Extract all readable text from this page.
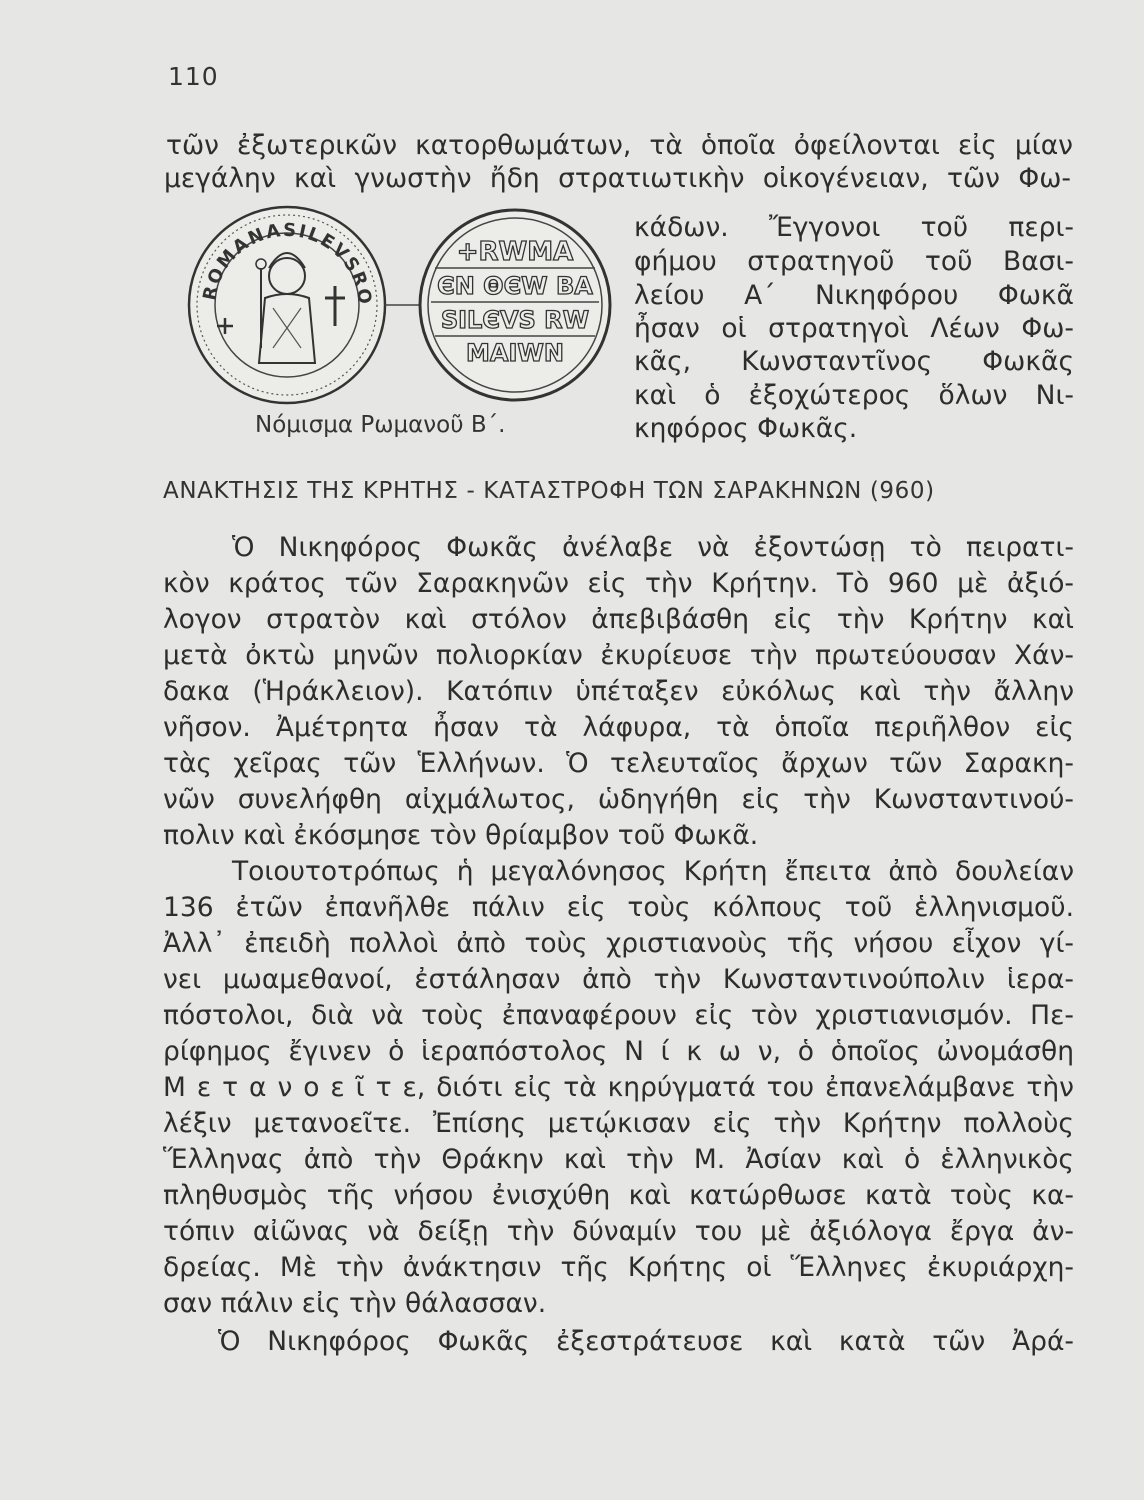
110
τῶν ἐξωτερικῶν κατορθωμάτων, τὰ ὁποῖα ὀφείλονται εἰς μίαν
μεγάλην καὶ γνωστὴν ἤδη στρατιωτικὴν οἰκογένειαν, τῶν Φω-
ROMANASILEVSRO
+RWMA
ЄN ΘЄW BA
SILЄVS RW
MAIWN
Νόμισμα Ρωμανοῦ Β΄.
κάδων. Ἔγγονοι τοῦ περι-
φήμου στρατηγοῦ τοῦ Βασι-
λείου Α΄ Νικηφόρου Φωκᾶ
ἦσαν οἱ στρατηγοὶ Λέων Φω-
κᾶς, Κωνσταντῖνος Φωκᾶς
καὶ ὁ ἐξοχώτερος ὅλων Νι-
κηφόρος Φωκᾶς.
ΑΝΑΚΤΗΣΙΣ ΤΗΣ ΚΡΗΤΗΣ - ΚΑΤΑΣΤΡΟΦΗ ΤΩΝ ΣΑΡΑΚΗΝΩΝ (960)
Ὁ Νικηφόρος Φωκᾶς ἀνέλαβε νὰ ἐξοντώσῃ τὸ πειρατι-
κὸν κράτος τῶν Σαρακηνῶν εἰς τὴν Κρήτην. Τὸ 960 μὲ ἀξιό-
λογον στρατὸν καὶ στόλον ἀπεβιβάσθη εἰς τὴν Κρήτην καὶ
μετὰ ὀκτὼ μηνῶν πολιορκίαν ἐκυρίευσε τὴν πρωτεύουσαν Χάν-
δακα (Ἡράκλειον). Κατόπιν ὑπέταξεν εὐκόλως καὶ τὴν ἄλλην
νῆσον. Ἀμέτρητα ἦσαν τὰ λάφυρα, τὰ ὁποῖα περιῆλθον εἰς
τὰς χεῖρας τῶν Ἑλλήνων. Ὁ τελευταῖος ἄρχων τῶν Σαρακη-
νῶν συνελήφθη αἰχμάλωτος, ὡδηγήθη εἰς τὴν Κωνσταντινού-
πολιν καὶ ἐκόσμησε τὸν θρίαμβον τοῦ Φωκᾶ.
Τοιουτοτρόπως ἡ μεγαλόνησος Κρήτη ἔπειτα ἀπὸ δουλείαν
136 ἐτῶν ἐπανῆλθε πάλιν εἰς τοὺς κόλπους τοῦ ἑλληνισμοῦ.
Ἀλλ᾽ ἐπειδὴ πολλοὶ ἀπὸ τοὺς χριστιανοὺς τῆς νήσου εἶχον γί-
νει μωαμεθανοί, ἐστάλησαν ἀπὸ τὴν Κωνσταντινούπολιν ἱερα-
πόστολοι, διὰ νὰ τοὺς ἐπαναφέρουν εἰς τὸν χριστιανισμόν. Πε-
ρίφημος ἔγινεν ὁ ἱεραπόστολος Ν ί κ ω ν, ὁ ὁποῖος ὠνομάσθη
Μ ε τ α ν ο ε ῖ τ ε, διότι εἰς τὰ κηρύγματά του ἐπανελάμβανε τὴν
λέξιν μετανοεῖτε. Ἐπίσης μετῴκισαν εἰς τὴν Κρήτην πολλοὺς
Ἕλληνας ἀπὸ τὴν Θράκην καὶ τὴν Μ. Ἀσίαν καὶ ὁ ἑλληνικὸς
πληθυσμὸς τῆς νήσου ἐνισχύθη καὶ κατώρθωσε κατὰ τοὺς κα-
τόπιν αἰῶνας νὰ δείξῃ τὴν δύναμίν του μὲ ἀξιόλογα ἔργα ἀν-
δρείας. Μὲ τὴν ἀνάκτησιν τῆς Κρήτης οἱ Ἕλληνες ἐκυριάρχη-
σαν πάλιν εἰς τὴν θάλασσαν.
Ὁ Νικηφόρος Φωκᾶς ἐξεστράτευσε καὶ κατὰ τῶν Ἀρά-
